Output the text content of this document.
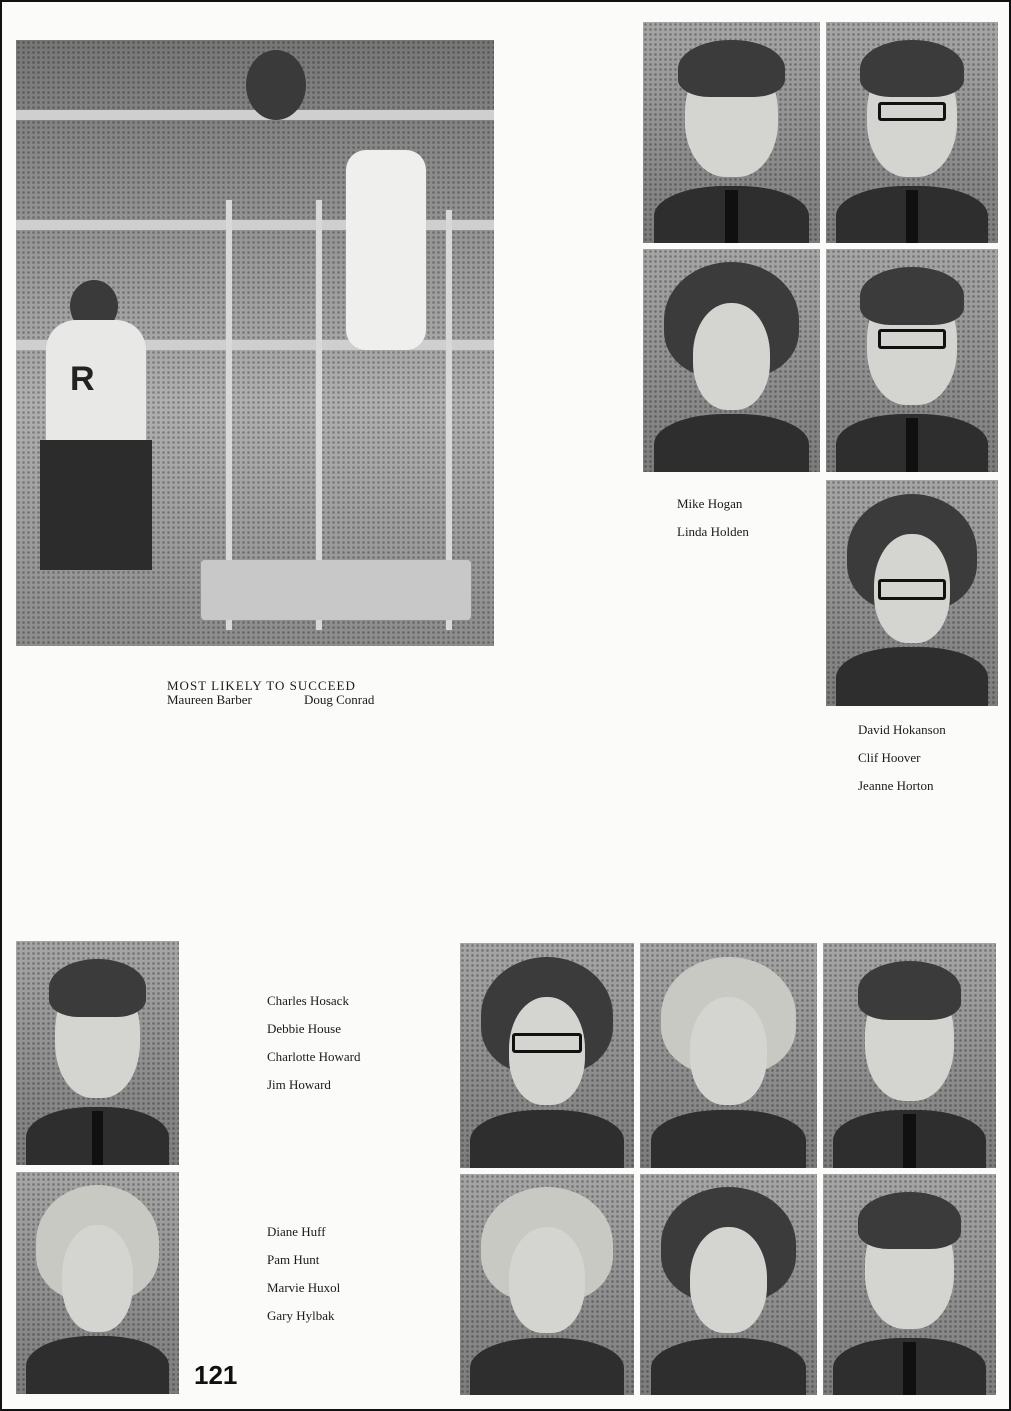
R
MOST LIKELY TO SUCCEED
Maureen Barber	Doug Conrad
Mike Hogan
Linda Holden
David Hokanson
Clif Hoover
Jeanne Horton
Charles Hosack
Debbie House
Charlotte Howard
Jim Howard
Diane Huff
Pam Hunt
Marvie Huxol
Gary Hylbak
121
